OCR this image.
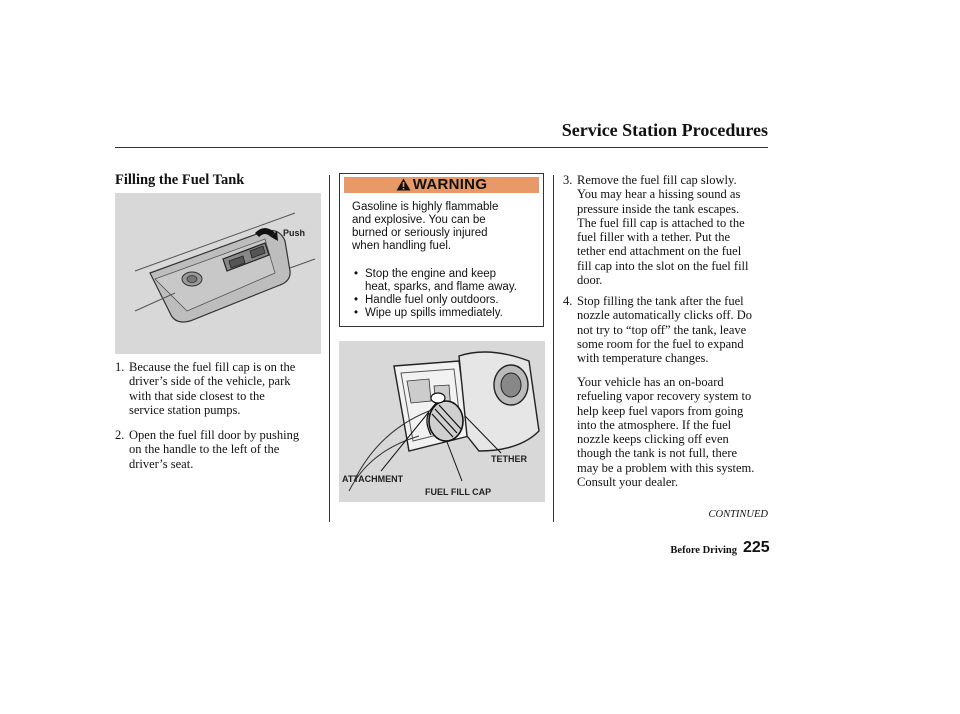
Service Station Procedures
Filling the Fuel Tank
Push
1. Because the fuel fill cap is on the
driver’s side of the vehicle, park
with that side closest to the
service station pumps.
2. Open the fuel fill door by pushing
on the handle to the left of the
driver’s seat.
WARNING
Gasoline is highly flammable
and explosive. You can be
burned or seriously injured
when handling fuel.
• Stop the engine and keep
heat, sparks, and flame away.
• Handle fuel only outdoors.
• Wipe up spills immediately.
TETHER
ATTACHMENT
FUEL FILL CAP
3. Remove the fuel fill cap slowly.
You may hear a hissing sound as
pressure inside the tank escapes.
The fuel fill cap is attached to the
fuel filler with a tether. Put the
tether end attachment on the fuel
fill cap into the slot on the fuel fill
door.
4. Stop filling the tank after the fuel
nozzle automatically clicks off. Do
not try to “top off” the tank, leave
some room for the fuel to expand
with temperature changes.
Your vehicle has an on-board
refueling vapor recovery system to
help keep fuel vapors from going
into the atmosphere. If the fuel
nozzle keeps clicking off even
though the tank is not full, there
may be a problem with this system.
Consult your dealer.
CONTINUED
Before Driving 225
